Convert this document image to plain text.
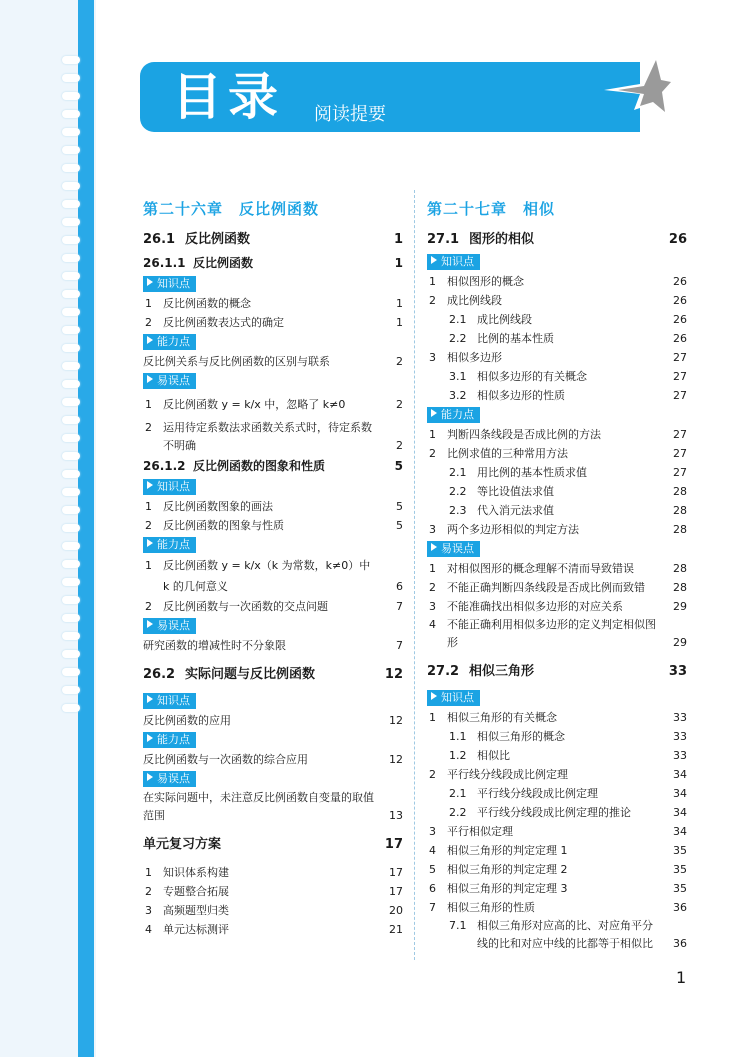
目录 阅读提要
第二十六章　反比例函数
26.1 反比例函数	1
26.1.1 反比例函数	1
知识点
1	反比例函数的概念	1
2	反比例函数表达式的确定	1
能力点
反比例关系与反比例函数的区别与联系	2
易误点
1	反比例函数 y = k/x 中，忽略了 k≠0	2
2	运用待定系数法求函数关系式时，待定系数不明确	2
26.1.2 反比例函数的图象和性质	5
知识点
1	反比例函数图象的画法	5
2	反比例函数的图象与性质	5
能力点
1	反比例函数 y = k/x（k 为常数，k≠0）中 k 的几何意义	6
2	反比例函数与一次函数的交点问题	7
易误点
研究函数的增减性时不分象限	7
26.2 实际问题与反比例函数	12
知识点
反比例函数的应用	12
能力点
反比例函数与一次函数的综合应用	12
易误点
在实际问题中，未注意反比例函数自变量的取值范围	13
单元复习方案	17
1	知识体系构建	17
2	专题整合拓展	17
3	高频题型归类	20
4	单元达标测评	21
第二十七章　相似
27.1 图形的相似	26
知识点
1	相似图形的概念	26
2	成比例线段	26
2.1 成比例线段	26
2.2 比例的基本性质	26
3	相似多边形	27
3.1 相似多边形的有关概念	27
3.2 相似多边形的性质	27
能力点
1	判断四条线段是否成比例的方法	27
2	比例求值的三种常用方法	27
2.1 用比例的基本性质求值	27
2.2 等比设值法求值	28
2.3 代入消元法求值	28
3	两个多边形相似的判定方法	28
易误点
1	对相似图形的概念理解不清而导致错误	28
2	不能正确判断四条线段是否成比例而致错	28
3	不能准确找出相似多边形的对应关系	29
4	不能正确利用相似多边形的定义判定相似图形	29
27.2 相似三角形	33
知识点
1	相似三角形的有关概念	33
1.1 相似三角形的概念	33
1.2 相似比	33
2	平行线分线段成比例定理	34
2.1 平行线分线段成比例定理	34
2.2 平行线分线段成比例定理的推论	34
3	平行相似定理	34
4	相似三角形的判定定理 1	35
5	相似三角形的判定定理 2	35
6	相似三角形的判定定理 3	35
7	相似三角形的性质	36
7.1 相似三角形对应高的比、对应角平分线的比和对应中线的比都等于相似比	36
1
